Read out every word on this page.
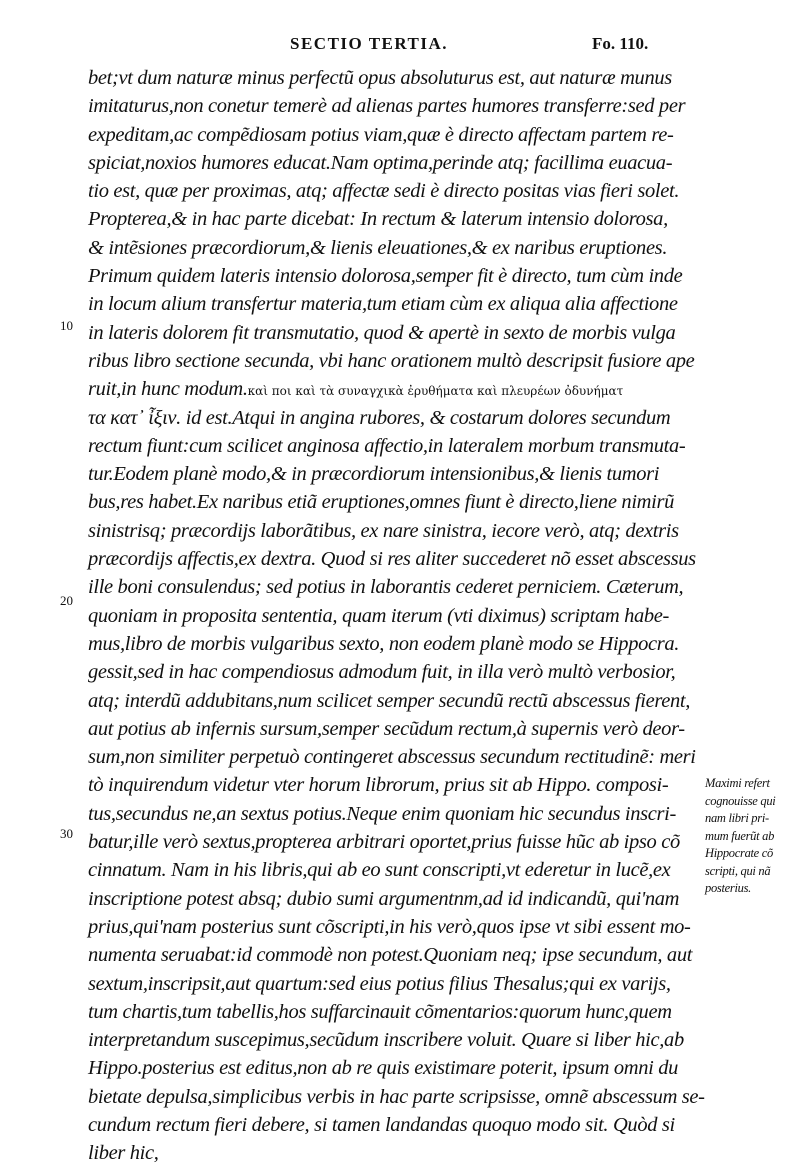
SECTIO TERTIA.	Fo. 110.
10
20
30
bet;vt dum naturæ minus perfectũ opus absoluturus est, aut naturæ munus
imitaturus,non conetur temerè ad alienas partes humores transferre:sed per
expeditam,ac compẽdiosam potius viam,quæ è directo affectam partem re-
spiciat,noxios humores educat.Nam optima,perinde atq; facillima euacua-
tio est, quæ per proximas, atq; affectæ sedi è directo positas vias fieri solet.
Propterea,& in hac parte dicebat: In rectum & laterum intensio dolorosa,
& intẽsiones præcordiorum,& lienis eleuationes,& ex naribus eruptiones.
Primum quidem lateris intensio dolorosa,semper fit è directo, tum cùm inde
in locum alium transfertur materia,tum etiam cùm ex aliqua alia affectione
in lateris dolorem fit transmutatio, quod & apertè in sexto de morbis vulga
ribus libro sectione secunda, vbi hanc orationem multò descripsit fusiore ape
ruit,in hunc modum.καὶ ποι καὶ τὰ συναγχικὰ ἐρυθήματα καὶ πλευρέων ὀδυνήματ
τα κατ᾽ ἶξιν. id est.Atqui in angina rubores, & costarum dolores secundum
rectum fiunt:cum scilicet anginosa affectio,in lateralem morbum transmuta-
tur.Eodem planè modo,& in præcordiorum intensionibus,& lienis tumori
bus,res habet.Ex naribus etiã eruptiones,omnes fiunt è directo,liene nimirũ
sinistrisq; præcordijs laborãtibus, ex nare sinistra, iecore verò, atq; dextris
præcordijs affectis,ex dextra. Quod si res aliter succederet nõ esset abscessus
ille boni consulendus; sed potius in laborantis cederet perniciem. Cæterum,
quoniam in proposita sententia, quam iterum (vti diximus) scriptam habe-
mus,libro de morbis vulgaribus sexto, non eodem planè modo se Hippocra.
gessit,sed in hac compendiosus admodum fuit, in illa verò multò verbosior,
atq; interdũ addubitans,num scilicet semper secundũ rectũ abscessus fierent,
aut potius ab infernis sursum,semper secũdum rectum,à supernis verò deor-
sum,non similiter perpetuò contingeret abscessus secundum rectitudinẽ: meri
tò inquirendum videtur vter horum librorum, prius sit ab Hippo. composi-
tus,secundus ne,an sextus potius.Neque enim quoniam hic secundus inscri-
batur,ille verò sextus,propterea arbitrari oportet,prius fuisse hũc ab ipso cõ
cinnatum. Nam in his libris,qui ab eo sunt conscripti,vt ederetur in lucẽ,ex
inscriptione potest absq; dubio sumi argumentnm,ad id indicandũ, qui'nam
prius,qui'nam posterius sunt cõscripti,in his verò,quos ipse vt sibi essent mo-
numenta seruabat:id commodè non potest.Quoniam neq; ipse secundum, aut
sextum,inscripsit,aut quartum:sed eius potius filius Thesalus;qui ex varijs,
tum chartis,tum tabellis,hos suffarcinauit cõmentarios:quorum hunc,quem
interpretandum suscepimus,secũdum inscribere voluit. Quare si liber hic,ab
Hippo.posterius est editus,non ab re quis existimare poterit, ipsum omni du
bietate depulsa,simplicibus verbis in hac parte scripsisse, omnẽ abscessum se-
cundum rectum fieri debere, si tamen landandas quoquo modo sit. Quòd si
liber hic,
Maximi refert
cognouisse qui
nam libri pri-
mum fuerũt ab
Hippocrate cõ
scripti, qui nã
posterius.
